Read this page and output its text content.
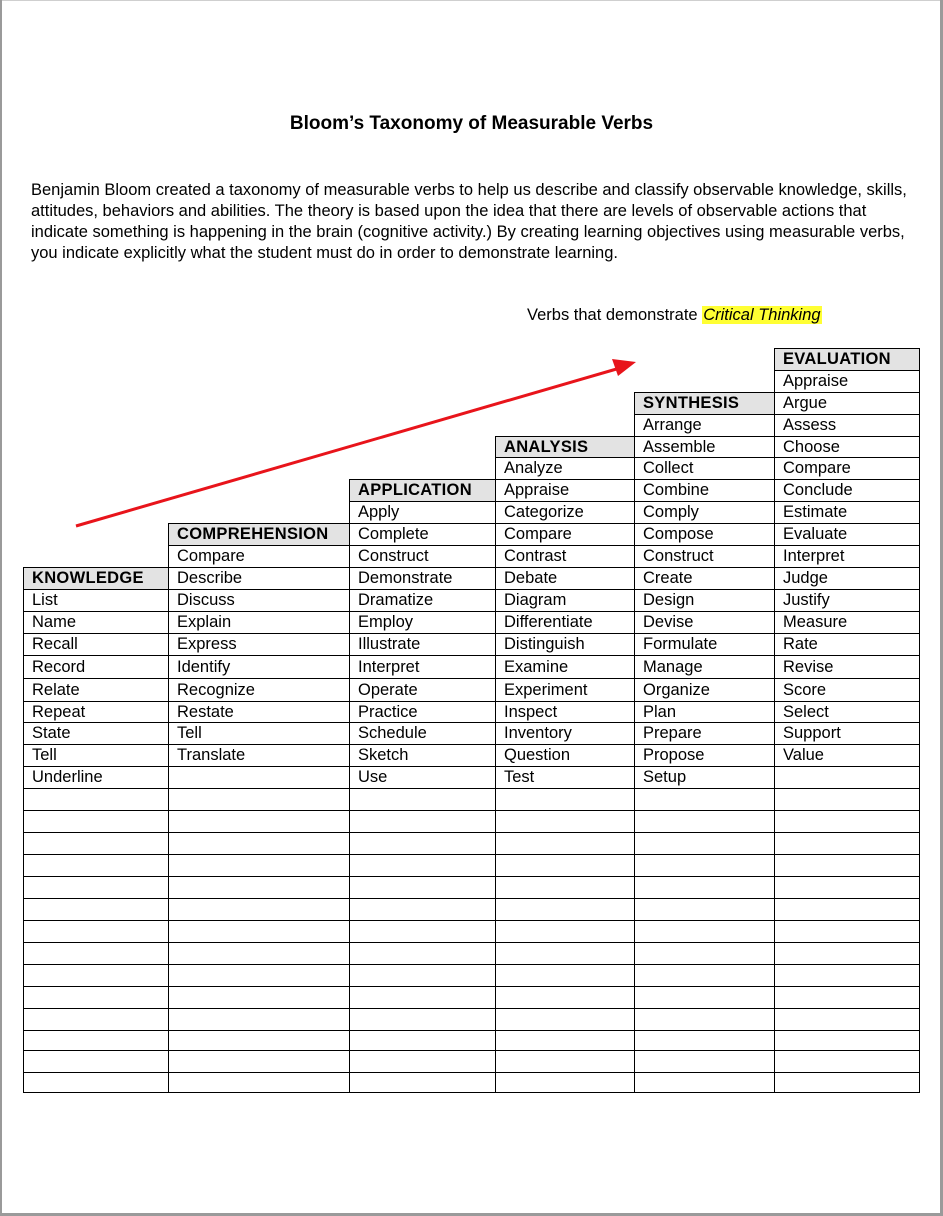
Bloom’s Taxonomy of Measurable Verbs
Benjamin Bloom created a taxonomy of measurable verbs to help us describe and classify observable knowledge, skills, attitudes, behaviors and abilities. The theory is based upon the idea that there are levels of observable actions that indicate something is happening in the brain (cognitive activity.) By creating learning objectives using measurable verbs, you indicate explicitly what the student must do in order to demonstrate learning.
Verbs that demonstrate Critical Thinking
KNOWLEDGE
List
Name
Recall
Record
Relate
Repeat
State
Tell
Underline
COMPREHENSION
Compare
Describe
Discuss
Explain
Express
Identify
Recognize
Restate
Tell
Translate
APPLICATION
Apply
Complete
Construct
Demonstrate
Dramatize
Employ
Illustrate
Interpret
Operate
Practice
Schedule
Sketch
Use
ANALYSIS
Analyze
Appraise
Categorize
Compare
Contrast
Debate
Diagram
Differentiate
Distinguish
Examine
Experiment
Inspect
Inventory
Question
Test
SYNTHESIS
Arrange
Assemble
Collect
Combine
Comply
Compose
Construct
Create
Design
Devise
Formulate
Manage
Organize
Plan
Prepare
Propose
Setup
EVALUATION
Appraise
Argue
Assess
Choose
Compare
Conclude
Estimate
Evaluate
Interpret
Judge
Justify
Measure
Rate
Revise
Score
Select
Support
Value
